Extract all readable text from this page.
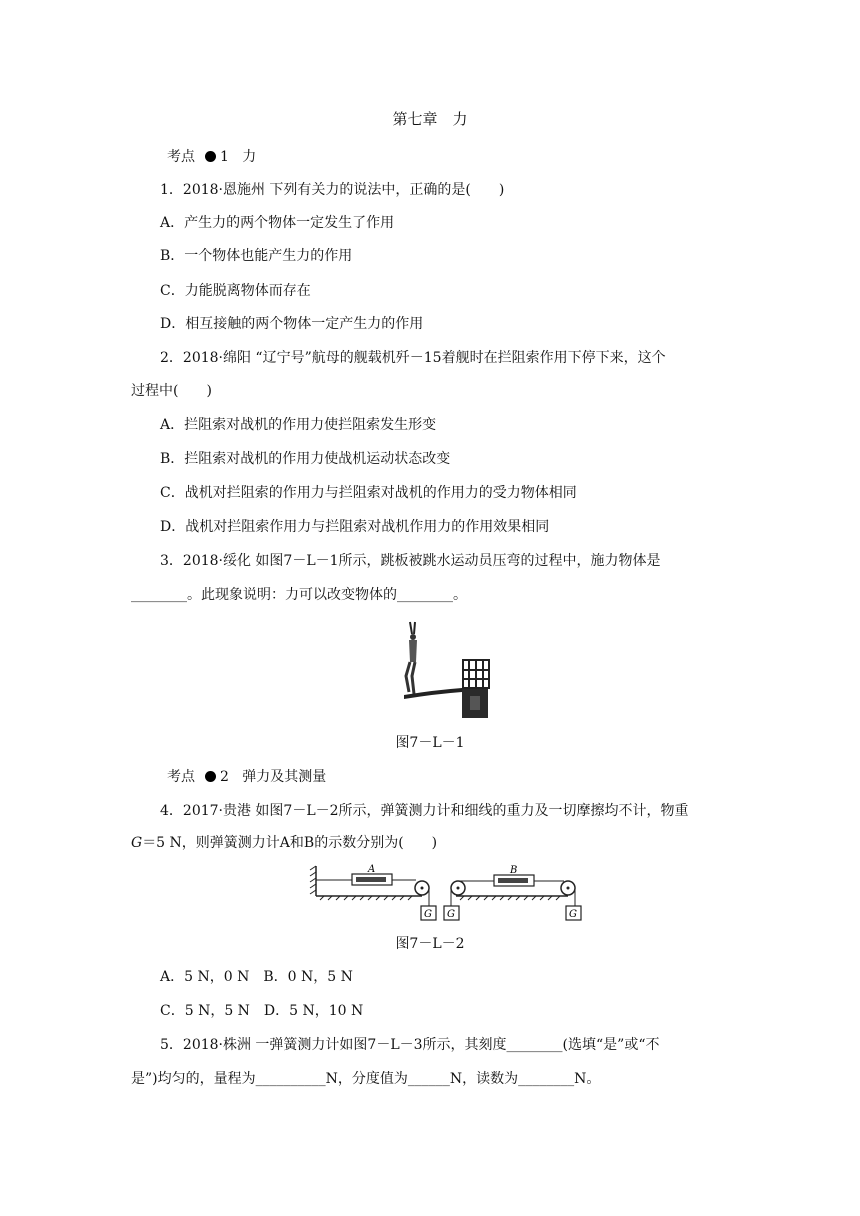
第七章　力
考点 1 力
1．2018·恩施州 下列有关力的说法中，正确的是(　　)
A．产生力的两个物体一定发生了作用
B．一个物体也能产生力的作用
C．力能脱离物体而存在
D．相互接触的两个物体一定产生力的作用
2．2018·绵阳 “辽宁号”航母的舰载机歼－15着舰时在拦阻索作用下停下来，这个
过程中(　　)
A．拦阻索对战机的作用力使拦阻索发生形变
B．拦阻索对战机的作用力使战机运动状态改变
C．战机对拦阻索的作用力与拦阻索对战机的作用力的受力物体相同
D．战机对拦阻索作用力与拦阻索对战机作用力的作用效果相同
3．2018·绥化 如图7－L－1所示，跳板被跳水运动员压弯的过程中，施力物体是
________。此现象说明：力可以改变物体的________。
图7－L－1
考点 2 弹力及其测量
4．2017·贵港 如图7－L－2所示，弹簧测力计和细线的重力及一切摩擦均不计，物重
G＝5 N，则弹簧测力计A和B的示数分别为(　　)
A
G G
B
G
图7－L－2
A．5 N，0 N　B．0 N，5 N
C．5 N，5 N　D．5 N，10 N
5．2018·株洲 一弹簧测力计如图7－L－3所示，其刻度________(选填“是”或“不
是”)均匀的，量程为__________N，分度值为______N，读数为________N。
